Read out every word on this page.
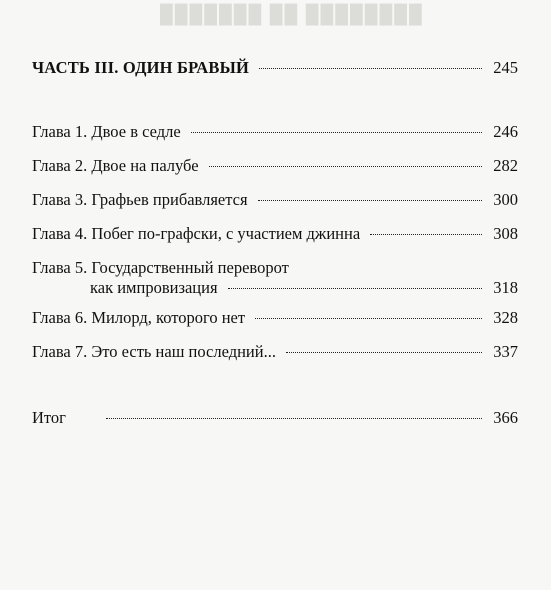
███████ ██ ████████
ЧАСТЬ III. ОДИН БРАВЫЙ	245
Глава 1. Двое в седле	246
Глава 2. Двое на палубе	282
Глава 3. Графьев прибавляется	300
Глава 4. Побег по-графски, с участием джинна	308
Глава 5. Государственный переворот
как импровизация	318
Глава 6. Милорд, которого нет	328
Глава 7. Это есть наш последний...	337
Итог	366
